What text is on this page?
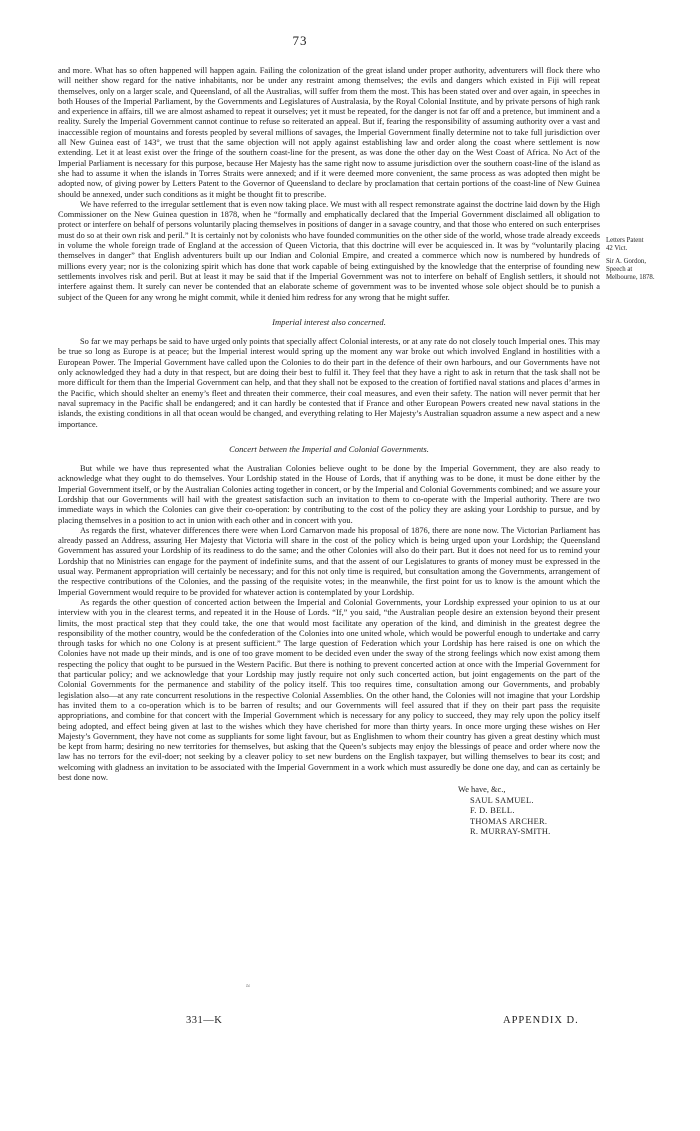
73

and more. What has so often happened will happen again. Failing the colonization of the great island under proper authority, adventurers will flock there who will neither show regard for the native inhabitants, nor be under any restraint among themselves; the evils and dangers which existed in Fiji will repeat themselves, only on a larger scale, and Queensland, of all the Australias, will suffer from them the most. This has been stated over and over again, in speeches in both Houses of the Imperial Parliament, by the Governments and Legislatures of Australasia, by the Royal Colonial Institute, and by private persons of high rank and experience in affairs, till we are almost ashamed to repeat it ourselves; yet it must be repeated, for the danger is not far off and a pretence, but imminent and a reality. Surely the Imperial Government cannot continue to refuse so reiterated an appeal. But if, fearing the responsibility of assuming authority over a vast and inaccessible region of mountains and forests peopled by several millions of savages, the Imperial Government finally determine not to take full jurisdiction over all New Guinea east of 143°, we trust that the same objection will not apply against establishing law and order along the coast where settlement is now extending. Let it at least exist over the fringe of the southern coast-line for the present, as was done the other day on the West Coast of Africa. No Act of the Imperial Parliament is necessary for this purpose, because Her Majesty has the same right now to assume jurisdiction over the southern coast-line of the island as she had to assume it when the islands in Torres Straits were annexed; and if it were deemed more convenient, the same process as was adopted then might be adopted now, of giving power by Letters Patent to the Governor of Queensland to declare by proclamation that certain portions of the coast-line of New Guinea should be annexed, under such conditions as it might be thought fit to prescribe.

We have referred to the irregular settlement that is even now taking place. We must with all respect remonstrate against the doctrine laid down by the High Commissioner on the New Guinea question in 1878, when he “formally and emphatically declared that the Imperial Government disclaimed all obligation to protect or interfere on behalf of persons voluntarily placing themselves in positions of danger in a savage country, and that those who entered on such enterprises must do so at their own risk and peril.” It is certainly not by colonists who have founded communities on the other side of the world, whose trade already exceeds in volume the whole foreign trade of England at the accession of Queen Victoria, that this doctrine will ever be acquiesced in. It was by “voluntarily placing themselves in danger” that English adventurers built up our Indian and Colonial Empire, and created a commerce which now is numbered by hundreds of millions every year; nor is the colonizing spirit which has done that work capable of being extinguished by the knowledge that the enterprise of founding new settlements involves risk and peril. But at least it may be said that if the Imperial Government was not to interfere on behalf of English settlers, it should not interfere against them. It surely can never be contended that an elaborate scheme of government was to be invented whose sole object should be to punish a subject of the Queen for any wrong he might commit, while it denied him redress for any wrong that he might suffer.

Imperial interest also concerned.

So far we may perhaps be said to have urged only points that specially affect Colonial interests, or at any rate do not closely touch Imperial ones. This may be true so long as Europe is at peace; but the Imperial interest would spring up the moment any war broke out which involved England in hostilities with a European Power. The Imperial Government have called upon the Colonies to do their part in the defence of their own harbours, and our Governments have not only acknowledged they had a duty in that respect, but are doing their best to fulfil it. They feel that they have a right to ask in return that the task shall not be more difficult for them than the Imperial Government can help, and that they shall not be exposed to the creation of fortified naval stations and places d’armes in the Pacific, which should shelter an enemy’s fleet and threaten their commerce, their coal measures, and even their safety. The nation will never permit that her naval supremacy in the Pacific shall be endangered; and it can hardly be contested that if France and other European Powers created new naval stations in the islands, the existing conditions in all that ocean would be changed, and everything relating to Her Majesty’s Australian squadron assume a new aspect and a new importance.

Concert between the Imperial and Colonial Governments.

But while we have thus represented what the Australian Colonies believe ought to be done by the Imperial Government, they are also ready to acknowledge what they ought to do themselves. Your Lordship stated in the House of Lords, that if anything was to be done, it must be done either by the Imperial Government itself, or by the Australian Colonies acting together in concert, or by the Imperial and Colonial Governments combined; and we assure your Lordship that our Governments will hail with the greatest satisfaction such an invitation to them to co-operate with the Imperial authority. There are two immediate ways in which the Colonies can give their co-operation: by contributing to the cost of the policy they are asking your Lordship to pursue, and by placing themselves in a position to act in union with each other and in concert with you.

As regards the first, whatever differences there were when Lord Carnarvon made his proposal of 1876, there are none now. The Victorian Parliament has already passed an Address, assuring Her Majesty that Victoria will share in the cost of the policy which is being urged upon your Lordship; the Queensland Government has assured your Lordship of its readiness to do the same; and the other Colonies will also do their part. But it does not need for us to remind your Lordship that no Ministries can engage for the payment of indefinite sums, and that the assent of our Legislatures to grants of money must be expressed in the usual way. Permanent appropriation will certainly be necessary; and for this not only time is required, but consultation among the Governments, arrangement of the respective contributions of the Colonies, and the passing of the requisite votes; in the meanwhile, the first point for us to know is the amount which the Imperial Government would require to be provided for whatever action is contemplated by your Lordship.

As regards the other question of concerted action between the Imperial and Colonial Governments, your Lordship expressed your opinion to us at our interview with you in the clearest terms, and repeated it in the House of Lords. “If,” you said, “the Australian people desire an extension beyond their present limits, the most practical step that they could take, the one that would most facilitate any operation of the kind, and diminish in the greatest degree the responsibility of the mother country, would be the confederation of the Colonies into one united whole, which would be powerful enough to undertake and carry through tasks for which no one Colony is at present sufficient.” The large question of Federation which your Lordship has here raised is one on which the Colonies have not made up their minds, and is one of too grave moment to be decided even under the sway of the strong feelings which now exist among them respecting the policy that ought to be pursued in the Western Pacific. But there is nothing to prevent concerted action at once with the Imperial Government for that particular policy; and we acknowledge that your Lordship may justly require not only such concerted action, but joint engagements on the part of the Colonial Governments for the permanence and stability of the policy itself. This too requires time, consultation among our Governments, and probably legislation also—at any rate concurrent resolutions in the respective Colonial Assemblies. On the other hand, the Colonies will not imagine that your Lordship has invited them to a co-operation which is to be barren of results; and our Governments will feel assured that if they on their part pass the requisite appropriations, and combine for that concert with the Imperial Government which is necessary for any policy to succeed, they may rely upon the policy itself being adopted, and effect being given at last to the wishes which they have cherished for more than thirty years. In once more urging these wishes on Her Majesty’s Government, they have not come as suppliants for some light favour, but as Englishmen to whom their country has given a great destiny which must be kept from harm; desiring no new territories for themselves, but asking that the Queen’s subjects may enjoy the blessings of peace and order where now the law has no terrors for the evil-doer; not seeking by a cleaver policy to set new burdens on the English taxpayer, but willing themselves to bear its cost; and welcoming with gladness an invitation to be associated with the Imperial Government in a work which must assuredly be done one day, and can as certainly be best done now.

We have, &c.,
SAUL SAMUEL.
F. D. BELL.
THOMAS ARCHER.
R. MURRAY-SMITH.
Letters Patent
42 Vict.
Sir A. Gordon,
Speech at
Melbourne, 1878.
≈
331—K	APPENDIX D.
